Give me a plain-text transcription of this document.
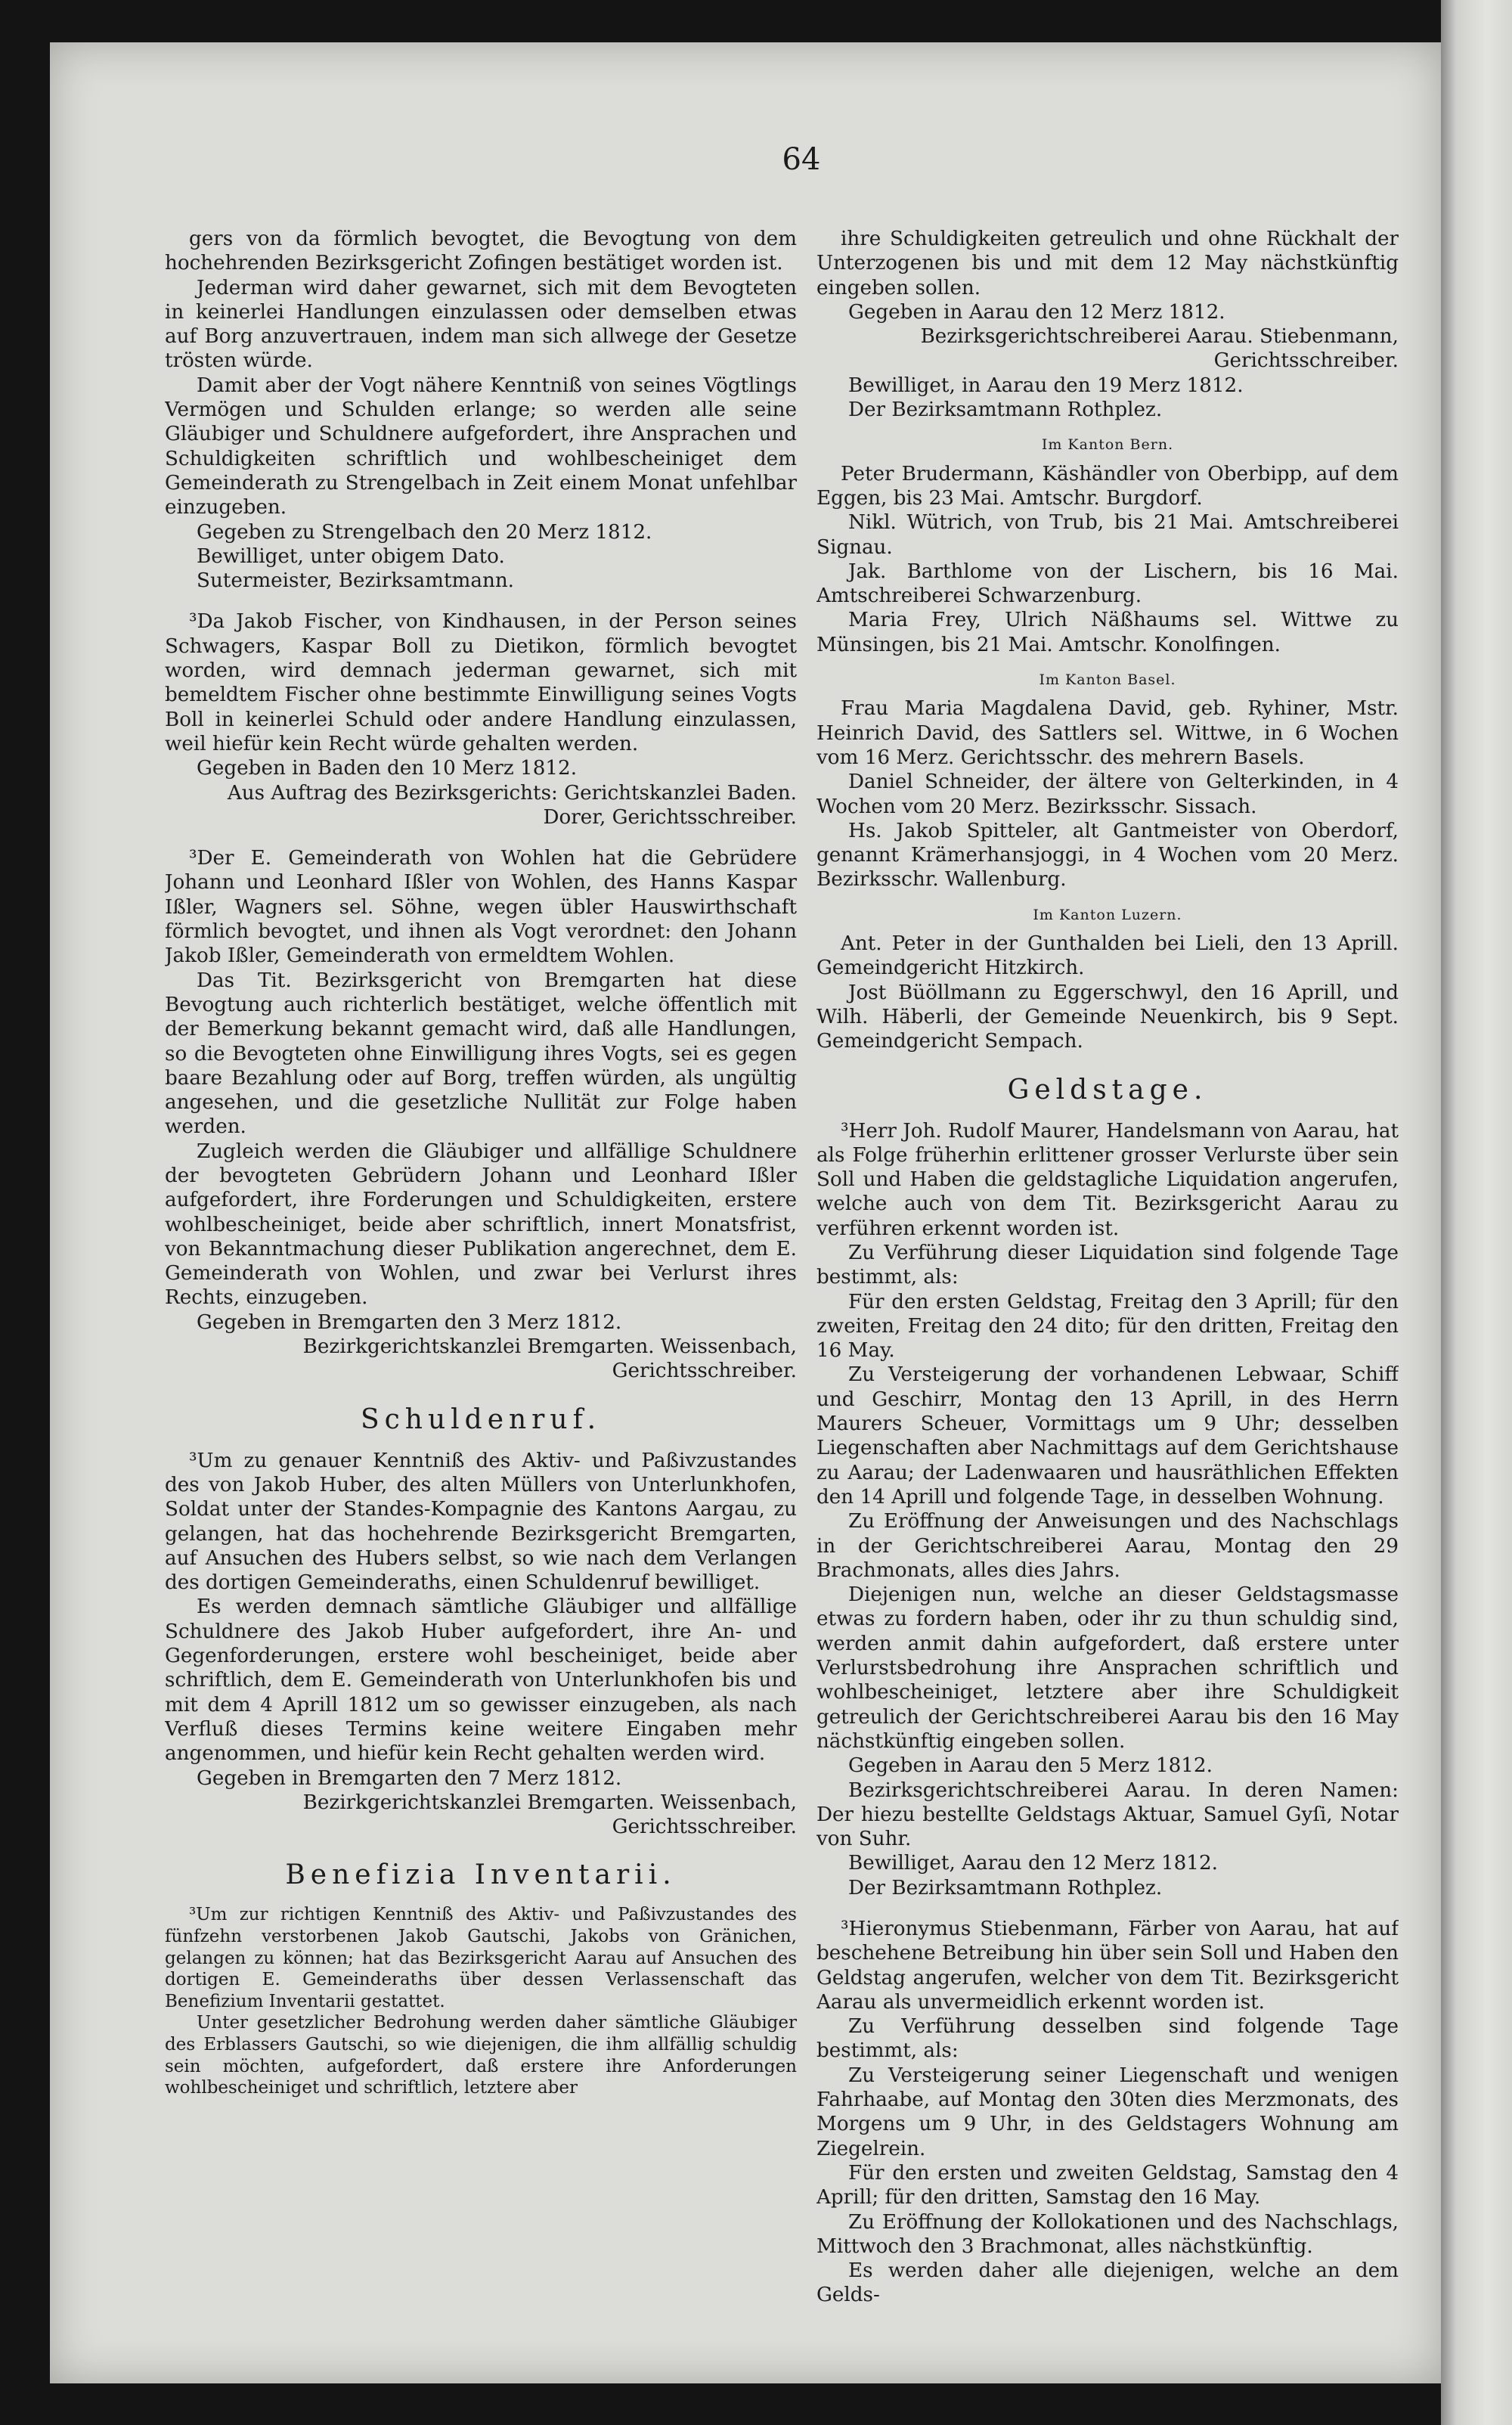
64

gers von da förmlich bevogtet, die Bevogtung von dem hochehrenden Bezirksgericht Zofingen bestätiget worden ist.

Jederman wird daher gewarnet, sich mit dem Bevogteten in keinerlei Handlungen einzulassen oder demselben etwas auf Borg anzuvertrauen, indem man sich allwege der Gesetze trösten würde.

Damit aber der Vogt nähere Kenntniß von seines Vögtlings Vermögen und Schulden erlange; so werden alle seine Gläubiger und Schuldnere aufgefordert, ihre Ansprachen und Schuldigkeiten schriftlich und wohlbescheiniget dem Gemeinderath zu Strengelbach in Zeit einem Monat unfehlbar einzugeben.

Gegeben zu Strengelbach den 20 Merz 1812.

Bewilliget, unter obigem Dato.

Sutermeister, Bezirksamtmann.

³Da Jakob Fischer, von Kindhausen, in der Person seines Schwagers, Kaspar Boll zu Dietikon, förmlich bevogtet worden, wird demnach jederman gewarnet, sich mit bemeldtem Fischer ohne bestimmte Einwilligung seines Vogts Boll in keinerlei Schuld oder andere Handlung einzulassen, weil hiefür kein Recht würde gehalten werden.

Gegeben in Baden den 10 Merz 1812.

Aus Auftrag des Bezirksgerichts: Gerichtskanzlei Baden.

Dorer, Gerichtsschreiber.

³Der E. Gemeinderath von Wohlen hat die Gebrüdere Johann und Leonhard Ißler von Wohlen, des Hanns Kaspar Ißler, Wagners sel. Söhne, wegen übler Hauswirthschaft förmlich bevogtet, und ihnen als Vogt verordnet: den Johann Jakob Ißler, Gemeinderath von ermeldtem Wohlen.

Das Tit. Bezirksgericht von Bremgarten hat diese Bevogtung auch richterlich bestätiget, welche öffentlich mit der Bemerkung bekannt gemacht wird, daß alle Handlungen, so die Bevogteten ohne Einwilligung ihres Vogts, sei es gegen baare Bezahlung oder auf Borg, treffen würden, als ungültig angesehen, und die gesetzliche Nullität zur Folge haben werden.

Zugleich werden die Gläubiger und allfällige Schuldnere der bevogteten Gebrüdern Johann und Leonhard Ißler aufgefordert, ihre Forderungen und Schuldigkeiten, erstere wohlbescheiniget, beide aber schriftlich, innert Monatsfrist, von Bekanntmachung dieser Publikation angerechnet, dem E. Gemeinderath von Wohlen, und zwar bei Verlurst ihres Rechts, einzugeben.

Gegeben in Bremgarten den 3 Merz 1812.

Bezirkgerichtskanzlei Bremgarten. Weissenbach, Gerichtsschreiber.

Schuldenruf.

³Um zu genauer Kenntniß des Aktiv- und Paßivzustandes des von Jakob Huber, des alten Müllers von Unterlunkhofen, Soldat unter der Standes-Kompagnie des Kantons Aargau, zu gelangen, hat das hochehrende Bezirksgericht Bremgarten, auf Ansuchen des Hubers selbst, so wie nach dem Verlangen des dortigen Gemeinderaths, einen Schuldenruf bewilliget.

Es werden demnach sämtliche Gläubiger und allfällige Schuldnere des Jakob Huber aufgefordert, ihre An- und Gegenforderungen, erstere wohl bescheiniget, beide aber schriftlich, dem E. Gemeinderath von Unterlunkhofen bis und mit dem 4 Aprill 1812 um so gewisser einzugeben, als nach Verfluß dieses Termins keine weitere Eingaben mehr angenommen, und hiefür kein Recht gehalten werden wird.

Gegeben in Bremgarten den 7 Merz 1812.

Bezirkgerichtskanzlei Bremgarten. Weissenbach, Gerichtsschreiber.

Benefizia Inventarii.

³Um zur richtigen Kenntniß des Aktiv- und Paßivzustandes des fünfzehn verstorbenen Jakob Gautschi, Jakobs von Gränichen, gelangen zu können; hat das Bezirksgericht Aarau auf Ansuchen des dortigen E. Gemeinderaths über dessen Verlassenschaft das Benefizium Inventarii gestattet.

Unter gesetzlicher Bedrohung werden daher sämtliche Gläubiger des Erblassers Gautschi, so wie diejenigen, die ihm allfällig schuldig sein möchten, aufgefordert, daß erstere ihre Anforderungen wohlbescheiniget und schriftlich, letztere aber

ihre Schuldigkeiten getreulich und ohne Rückhalt der Unterzogenen bis und mit dem 12 May nächstkünftig eingeben sollen.

Gegeben in Aarau den 12 Merz 1812.

Bezirksgerichtschreiberei Aarau. Stiebenmann, Gerichtsschreiber.

Bewilliget, in Aarau den 19 Merz 1812.

Der Bezirksamtmann Rothplez.

Im Kanton Bern.

Peter Brudermann, Käshändler von Oberbipp, auf dem Eggen, bis 23 Mai. Amtschr. Burgdorf.

Nikl. Wütrich, von Trub, bis 21 Mai. Amtschreiberei Signau.

Jak. Barthlome von der Lischern, bis 16 Mai. Amtschreiberei Schwarzenburg.

Maria Frey, Ulrich Näßhaums sel. Wittwe zu Münsingen, bis 21 Mai. Amtschr. Konolfingen.

Im Kanton Basel.

Frau Maria Magdalena David, geb. Ryhiner, Mstr. Heinrich David, des Sattlers sel. Wittwe, in 6 Wochen vom 16 Merz. Gerichtsschr. des mehrern Basels.

Daniel Schneider, der ältere von Gelterkinden, in 4 Wochen vom 20 Merz. Bezirksschr. Sissach.

Hs. Jakob Spitteler, alt Gantmeister von Oberdorf, genannt Krämerhansjoggi, in 4 Wochen vom 20 Merz. Bezirksschr. Wallenburg.

Im Kanton Luzern.

Ant. Peter in der Gunthalden bei Lieli, den 13 Aprill. Gemeindgericht Hitzkirch.

Jost Büöllmann zu Eggerschwyl, den 16 Aprill, und Wilh. Häberli, der Gemeinde Neuenkirch, bis 9 Sept. Gemeindgericht Sempach.

Geldstage.

³Herr Joh. Rudolf Maurer, Handelsmann von Aarau, hat als Folge früherhin erlittener grosser Verlurste über sein Soll und Haben die geldstagliche Liquidation angerufen, welche auch von dem Tit. Bezirksgericht Aarau zu verführen erkennt worden ist.

Zu Verführung dieser Liquidation sind folgende Tage bestimmt, als:

Für den ersten Geldstag, Freitag den 3 Aprill; für den zweiten, Freitag den 24 dito; für den dritten, Freitag den 16 May.

Zu Versteigerung der vorhandenen Lebwaar, Schiff und Geschirr, Montag den 13 Aprill, in des Herrn Maurers Scheuer, Vormittags um 9 Uhr; desselben Liegenschaften aber Nachmittags auf dem Gerichtshause zu Aarau; der Ladenwaaren und hausräthlichen Effekten den 14 Aprill und folgende Tage, in desselben Wohnung.

Zu Eröffnung der Anweisungen und des Nachschlags in der Gerichtschreiberei Aarau, Montag den 29 Brachmonats, alles dies Jahrs.

Diejenigen nun, welche an dieser Geldstagsmasse etwas zu fordern haben, oder ihr zu thun schuldig sind, werden anmit dahin aufgefordert, daß erstere unter Verlurstsbedrohung ihre Ansprachen schriftlich und wohlbescheiniget, letztere aber ihre Schuldigkeit getreulich der Gerichtschreiberei Aarau bis den 16 May nächstkünftig eingeben sollen.

Gegeben in Aarau den 5 Merz 1812.

Bezirksgerichtschreiberei Aarau. In deren Namen: Der hiezu bestellte Geldstags Aktuar, Samuel Gyſi, Notar von Suhr.

Bewilliget, Aarau den 12 Merz 1812.

Der Bezirksamtmann Rothplez.

³Hieronymus Stiebenmann, Färber von Aarau, hat auf beschehene Betreibung hin über sein Soll und Haben den Geldstag angerufen, welcher von dem Tit. Bezirksgericht Aarau als unvermeidlich erkennt worden ist.

Zu Verführung desselben sind folgende Tage bestimmt, als:

Zu Versteigerung seiner Liegenschaft und wenigen Fahrhaabe, auf Montag den 30ten dies Merzmonats, des Morgens um 9 Uhr, in des Geldstagers Wohnung am Ziegelrein.

Für den ersten und zweiten Geldstag, Samstag den 4 Aprill; für den dritten, Samstag den 16 May.

Zu Eröffnung der Kollokationen und des Nachschlags, Mittwoch den 3 Brachmonat, alles nächstkünftig.

Es werden daher alle diejenigen, welche an dem Gelds-
